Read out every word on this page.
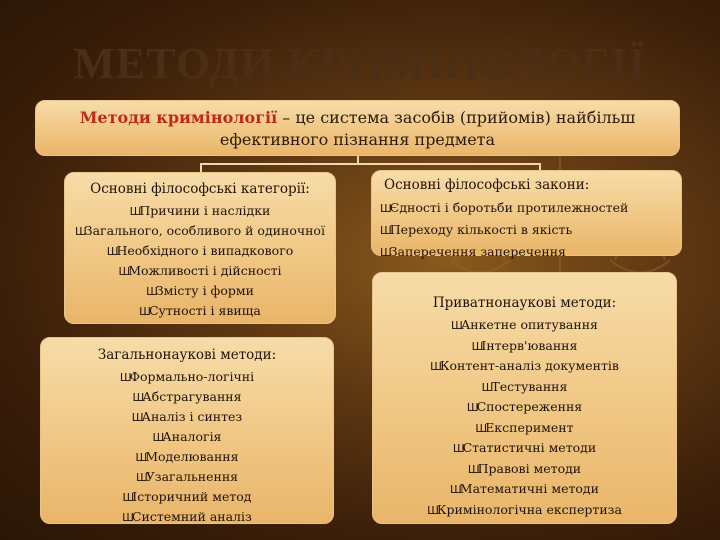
МЕТОДИ КРИМІНОЛОГІЇ
Методи кримінології – це система засобів (прийомів) найбільш ефективного пізнання предмета
Основні філософські категорії:
ШПричини і наслідки
ШЗагального, особливого й одиночної
ШНеобхідного і випадкового
ШМожливості і дійсності
ШЗмісту і форми
ШСутності і явища
Основні філософські закони:
ШЄдності і боротьби протилежностей
ШПереходу кількості в якість
ШЗаперечення заперечення
Загальнонаукові методи:
ШФормально-логічні
ШАбстрагування
ШАналіз і синтез
ШАналогія
ШМоделювання
ШУзагальнення
ШІсторичний метод
ШСистемний аналіз
Приватнонаукові методи:
ШАнкетне опитування
ШІнтерв'ювання
ШКонтент-аналіз документів
ШТестування
ШСпостереження
ШЕксперимент
ШСтатистичні методи
ШПравові методи
ШМатематичні методи
ШКримінологічна експертиза
